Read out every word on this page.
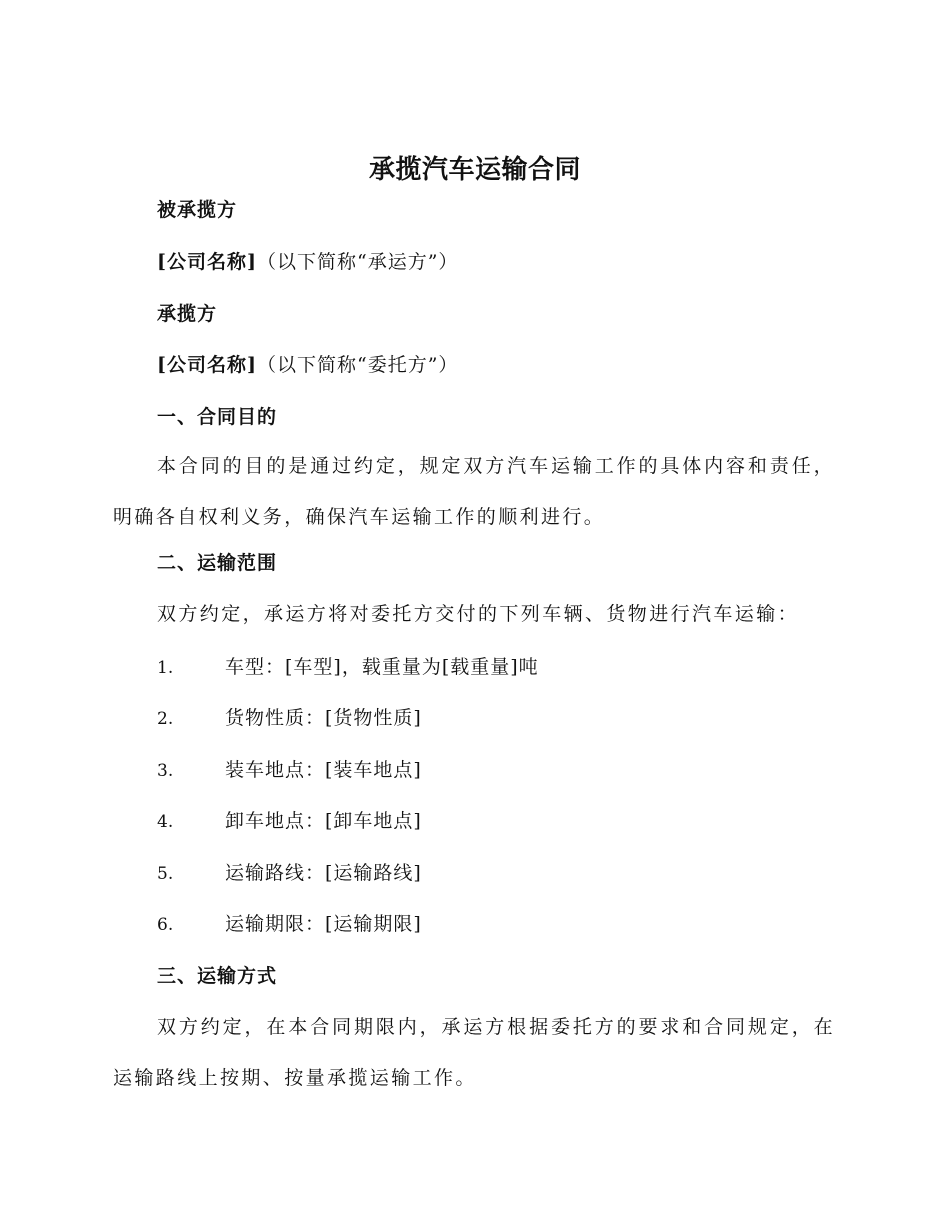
承揽汽车运输合同
被承揽方
[公司名称]（以下简称“承运方”）
承揽方
[公司名称]（以下简称“委托方”）
一、合同目的
本合同的目的是通过约定，规定双方汽车运输工作的具体内容和责任，明确各自权利义务，确保汽车运输工作的顺利进行。
二、运输范围
双方约定，承运方将对委托方交付的下列车辆、货物进行汽车运输：
1.	车型：[车型]，载重量为[载重量]吨
2.	货物性质：[货物性质]
3.	装车地点：[装车地点]
4.	卸车地点：[卸车地点]
5.	运输路线：[运输路线]
6.	运输期限：[运输期限]
三、运输方式
双方约定，在本合同期限内，承运方根据委托方的要求和合同规定，在运输路线上按期、按量承揽运输工作。
